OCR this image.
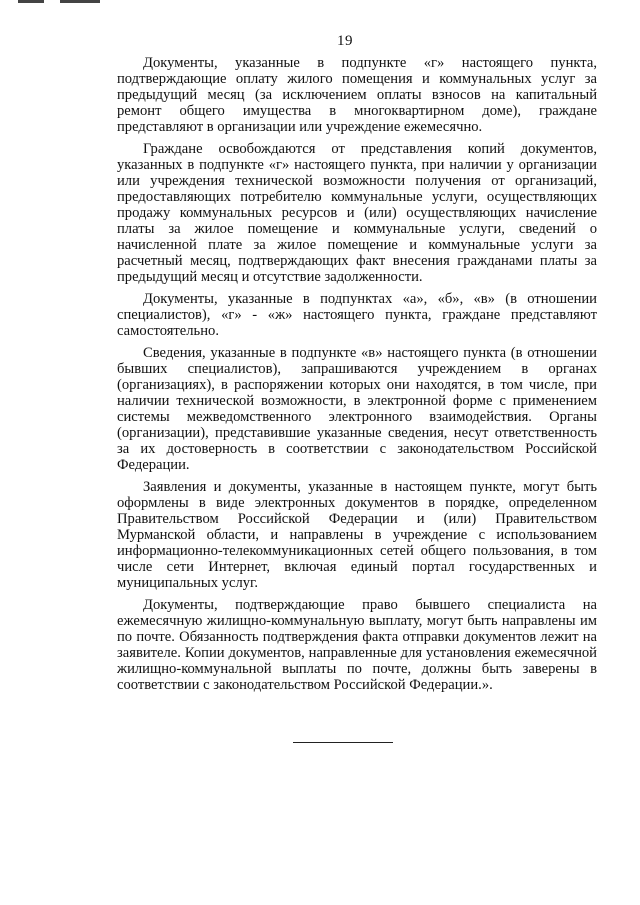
19

Документы, указанные в подпункте «г» настоящего пункта, подтверждающие оплату жилого помещения и коммунальных услуг за предыдущий месяц (за исключением оплаты взносов на капитальный ремонт общего имущества в многоквартирном доме), граждане представляют в организации или учреждение ежемесячно.

Граждане освобождаются от представления копий документов, указанных в подпункте «г» настоящего пункта, при наличии у организации или учреждения технической возможности получения от организаций, предоставляющих потребителю коммунальные услуги, осуществляющих продажу коммунальных ресурсов и (или) осуществляющих начисление платы за жилое помещение и коммунальные услуги, сведений о начисленной плате за жилое помещение и коммунальные услуги за расчетный месяц, подтверждающих факт внесения гражданами платы за предыдущий месяц и отсутствие задолженности.

Документы, указанные в подпунктах «а», «б», «в» (в отношении специалистов), «г» - «ж» настоящего пункта, граждане представляют самостоятельно.

Сведения, указанные в подпункте «в» настоящего пункта (в отношении бывших специалистов), запрашиваются учреждением в органах (организациях), в распоряжении которых они находятся, в том числе, при наличии технической возможности, в электронной форме с применением системы межведомственного электронного взаимодействия. Органы (организации), представившие указанные сведения, несут ответственность за их достоверность в соответствии с законодательством Российской Федерации.

Заявления и документы, указанные в настоящем пункте, могут быть оформлены в виде электронных документов в порядке, определенном Правительством Российской Федерации и (или) Правительством Мурманской области, и направлены в учреждение с использованием информационно-телекоммуникационных сетей общего пользования, в том числе сети Интернет, включая единый портал государственных и муниципальных услуг.

Документы, подтверждающие право бывшего специалиста на ежемесячную жилищно-коммунальную выплату, могут быть направлены им по почте. Обязанность подтверждения факта отправки документов лежит на заявителе. Копии документов, направленные для установления ежемесячной жилищно-коммунальной выплаты по почте, должны быть заверены в соответствии с законодательством Российской Федерации.».
